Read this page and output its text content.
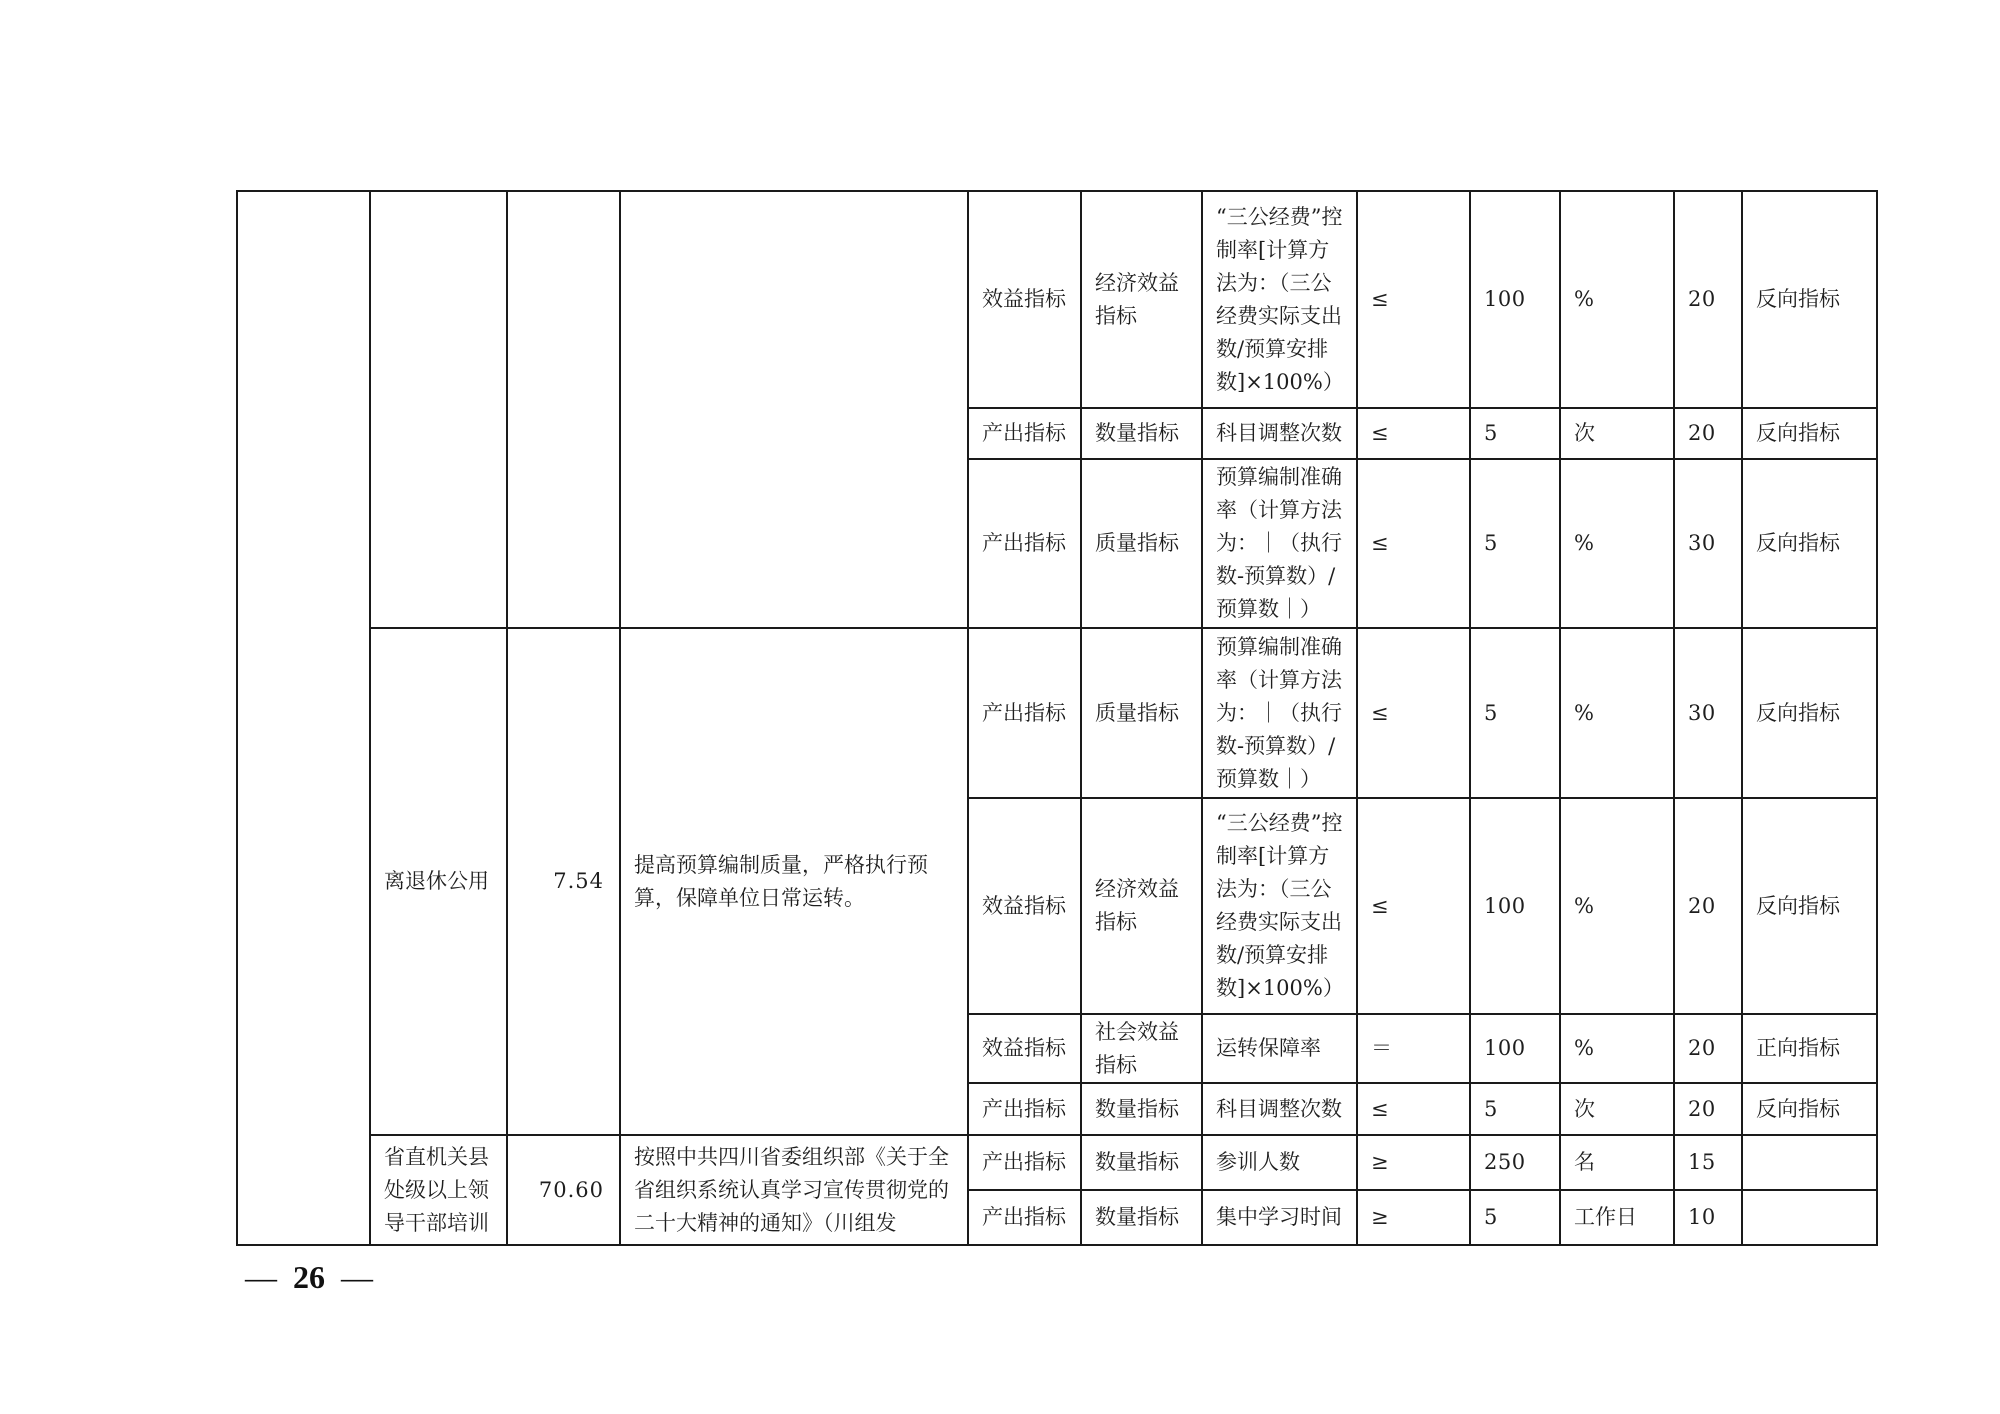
				效益指标	经济效益指标	“三公经费”控制率[计算方法为：（三公经费实际支出数/预算安排数]×100%）	≤	100	%	20	反向指标
				产出指标	数量指标	科目调整次数	≤	5	次	20	反向指标
				产出指标	质量指标	预算编制准确率（计算方法为：｜（执行数-预算数）/预算数｜）	≤	5	%	30	反向指标
	离退休公用	7.54	提高预算编制质量，严格执行预算，保障单位日常运转。	产出指标	质量指标	预算编制准确率（计算方法为：｜（执行数-预算数）/预算数｜）	≤	5	%	30	反向指标
				效益指标	经济效益指标	“三公经费”控制率[计算方法为：（三公经费实际支出数/预算安排数]×100%）	≤	100	%	20	反向指标
				效益指标	社会效益指标	运转保障率	＝	100	%	20	正向指标
				产出指标	数量指标	科目调整次数	≤	5	次	20	反向指标
	省直机关县处级以上领导干部培训	70.60	按照中共四川省委组织部《关于全省组织系统认真学习宣传贯彻党的二十大精神的通知》（川组发	产出指标	数量指标	参训人数	≥	250	名	15	
				产出指标	数量指标	集中学习时间	≥	5	工作日	10	
— 26 —
